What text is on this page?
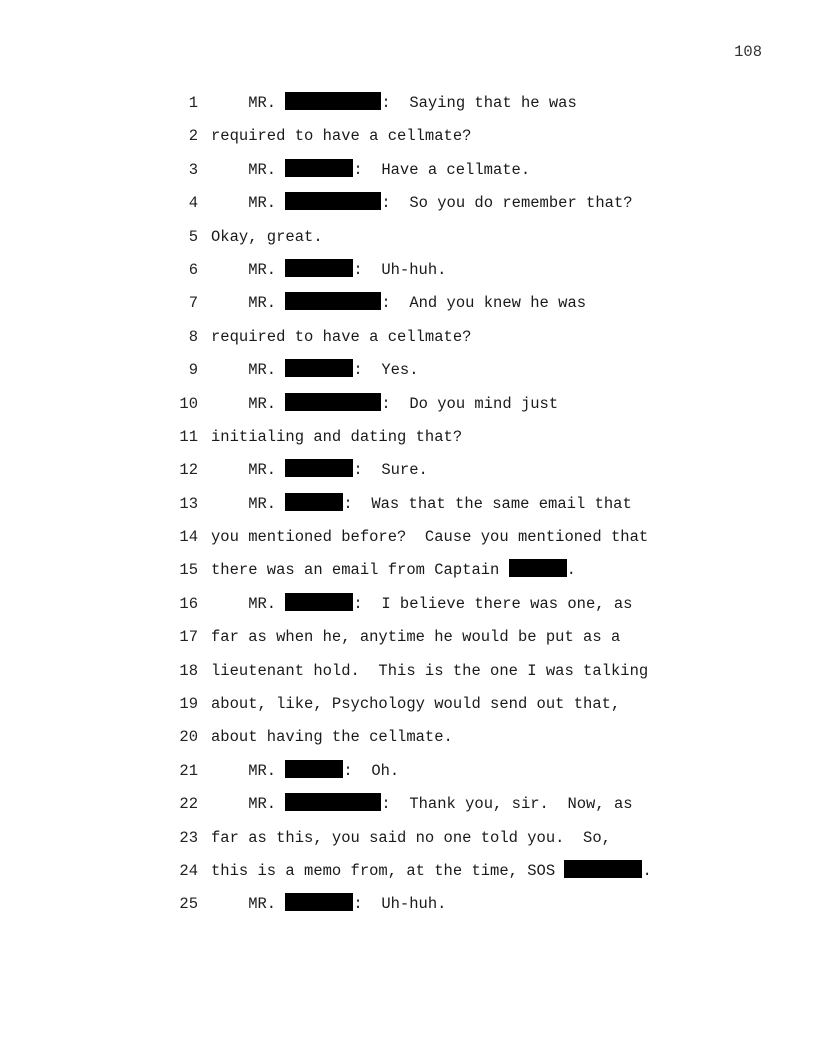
108
1 MR.	:  Saying that he was
2 required to have a cellmate?
3 MR.	:  Have a cellmate.
4 MR.	:  So you do remember that?
5 Okay, great.
6 MR.	:  Uh-huh.
7 MR.	:  And you knew he was
8 required to have a cellmate?
9 MR.	:  Yes.
10 MR.	:  Do you mind just
11 initialing and dating that?
12 MR.	:  Sure.
13 MR.	:  Was that the same email that
14 you mentioned before?  Cause you mentioned that
15 there was an email from Captain	.
16 MR.	:  I believe there was one, as
17 far as when he, anytime he would be put as a
18 lieutenant hold.  This is the one I was talking
19 about, like, Psychology would send out that,
20 about having the cellmate.
21 MR.	:  Oh.
22 MR.	:  Thank you, sir.  Now, as
23 far as this, you said no one told you.  So,
24 this is a memo from, at the time, SOS	.
25 MR.	:  Uh-huh.
